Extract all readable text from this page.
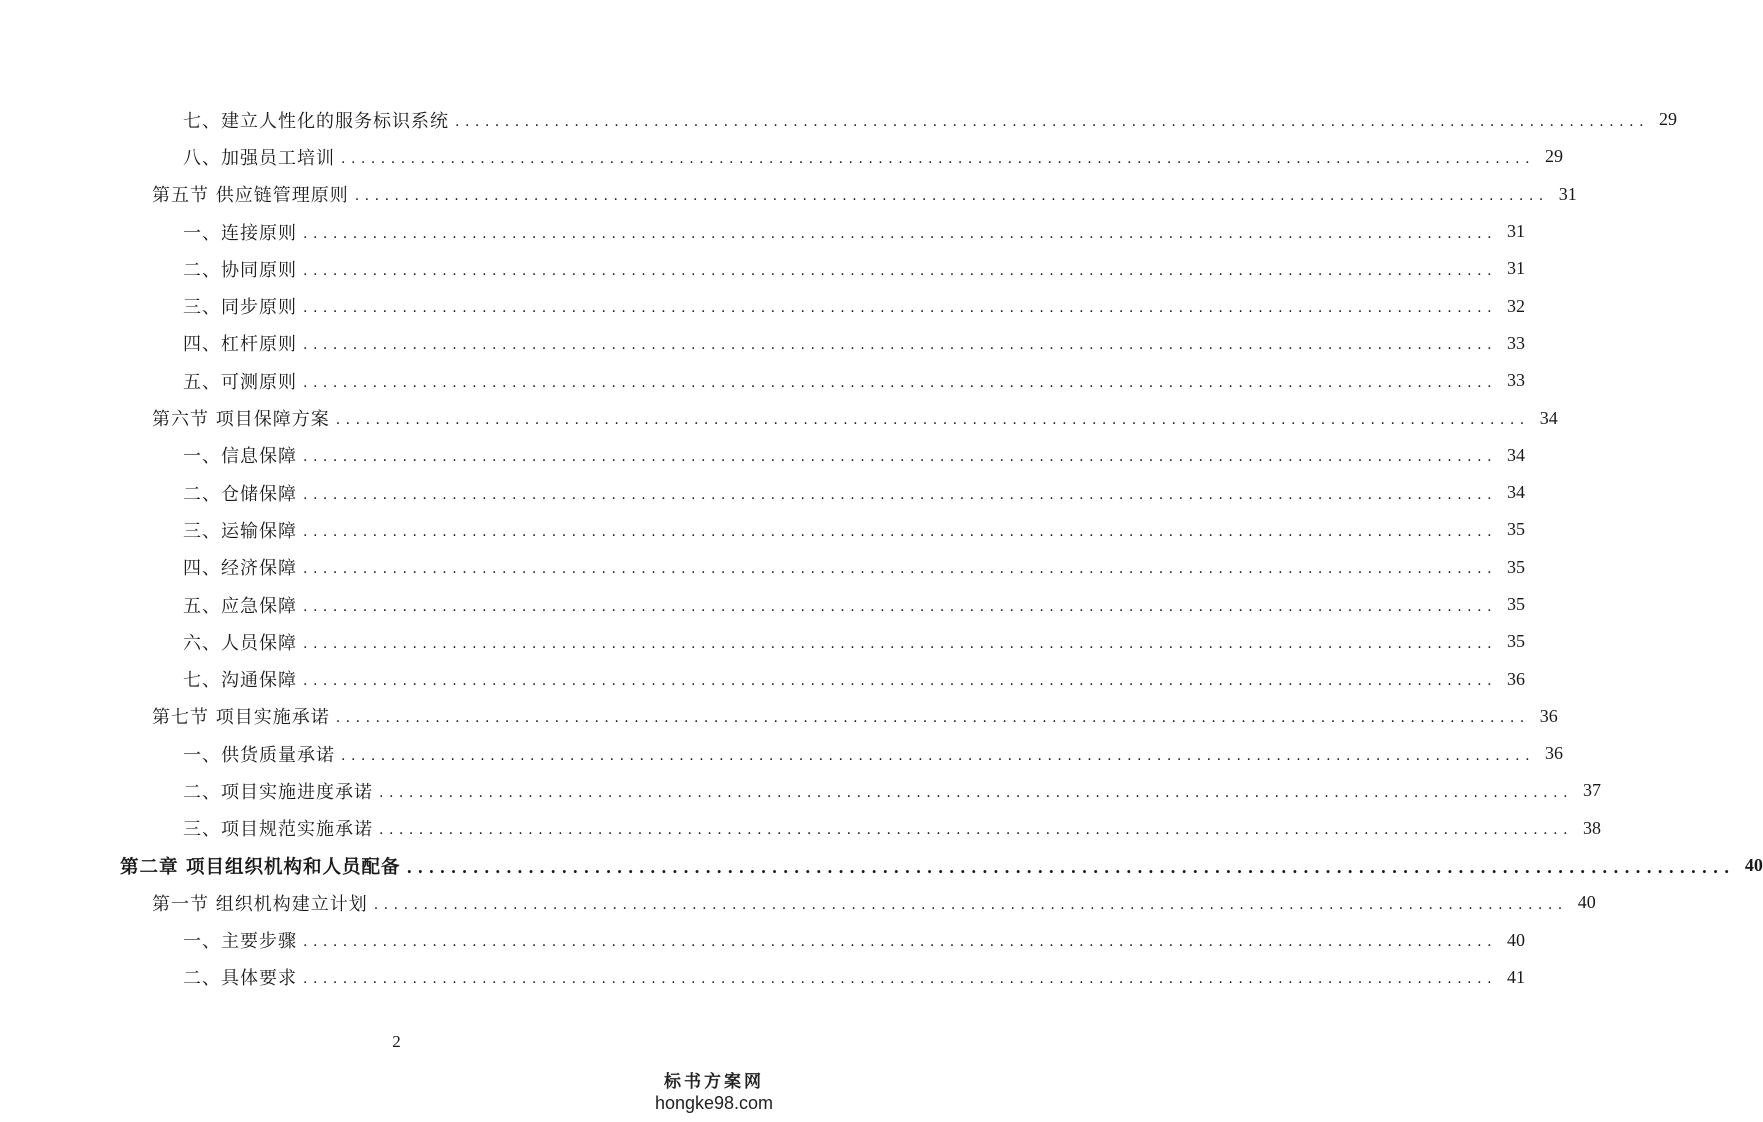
七、建立人性化的服务标识系统 ........................................................................................................................ 29
八、加强员工培训 ........................................................................................................................ 29
第五节 供应链管理原则 ........................................................................................................................ 31
一、连接原则 ........................................................................................................................ 31
二、协同原则 ........................................................................................................................ 31
三、同步原则 ........................................................................................................................ 32
四、杠杆原则 ........................................................................................................................ 33
五、可测原则 ........................................................................................................................ 33
第六节 项目保障方案 ........................................................................................................................ 34
一、信息保障 ........................................................................................................................ 34
二、仓储保障 ........................................................................................................................ 34
三、运输保障 ........................................................................................................................ 35
四、经济保障 ........................................................................................................................ 35
五、应急保障 ........................................................................................................................ 35
六、人员保障 ........................................................................................................................ 35
七、沟通保障 ........................................................................................................................ 36
第七节 项目实施承诺 ........................................................................................................................ 36
一、供货质量承诺 ........................................................................................................................ 36
二、项目实施进度承诺 ........................................................................................................................ 37
三、项目规范实施承诺 ........................................................................................................................ 38
第二章 项目组织机构和人员配备 ........................................................................................................................ 40
第一节 组织机构建立计划 ........................................................................................................................ 40
一、主要步骤 ........................................................................................................................ 40
二、具体要求 ........................................................................................................................ 41
2
标书方案网
hongke98.com
